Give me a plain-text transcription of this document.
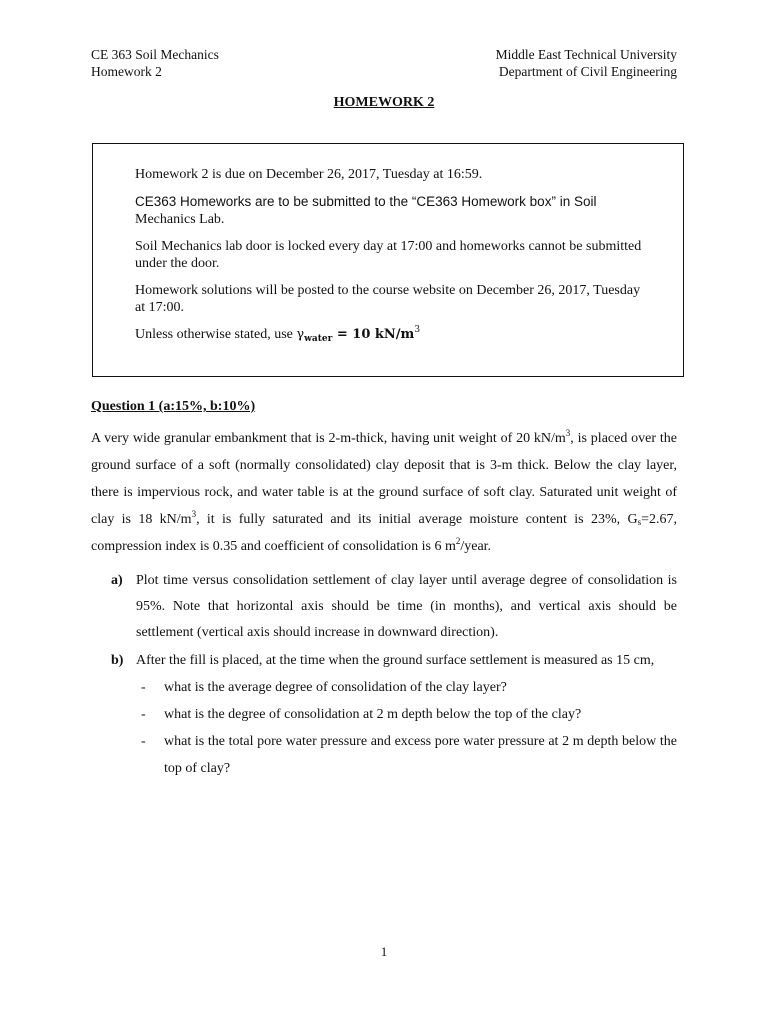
CE 363 Soil Mechanics
Homework 2
Middle East Technical University
Department of Civil Engineering
HOMEWORK 2

Homework 2 is due on December 26, 2017, Tuesday at 16:59.

CE363 Homeworks are to be submitted to the “CE363 Homework box” in Soil
Mechanics Lab.

Soil Mechanics lab door is locked every day at 17:00 and homeworks cannot be submitted under the door.

Homework solutions will be posted to the course website on December 26, 2017, Tuesday at 17:00.

Unless otherwise stated, use $\gamma_{water} = 10$ $kN/m^3$

Question 1 (a:15%, b:10%)

A very wide granular embankment that is 2-m-thick, having unit weight of 20 $kN/m^3$, is placed over the ground surface of a soft (normally consolidated) clay deposit that is 3-m thick. Below the clay layer, there is impervious rock, and water table is at the ground surface of soft clay. Saturated unit weight of clay is 18 $kN/m^3$, it is fully saturated and its initial average moisture content is 23%, $G_s=2.67$, compression index is 0.35 and coefficient of consolidation is 6 $m^2$/year.

a) Plot time versus consolidation settlement of clay layer until average degree of consolidation is 95%. Note that horizontal axis should be time (in months), and vertical axis should be settlement (vertical axis should increase in downward direction).

b) After the fill is placed, at the time when the ground surface settlement is measured as 15 cm,

- what is the average degree of consolidation of the clay layer?
- what is the degree of consolidation at 2 m depth below the top of the clay?
- what is the total pore water pressure and excess pore water pressure at 2 m depth below the top of clay?
1
